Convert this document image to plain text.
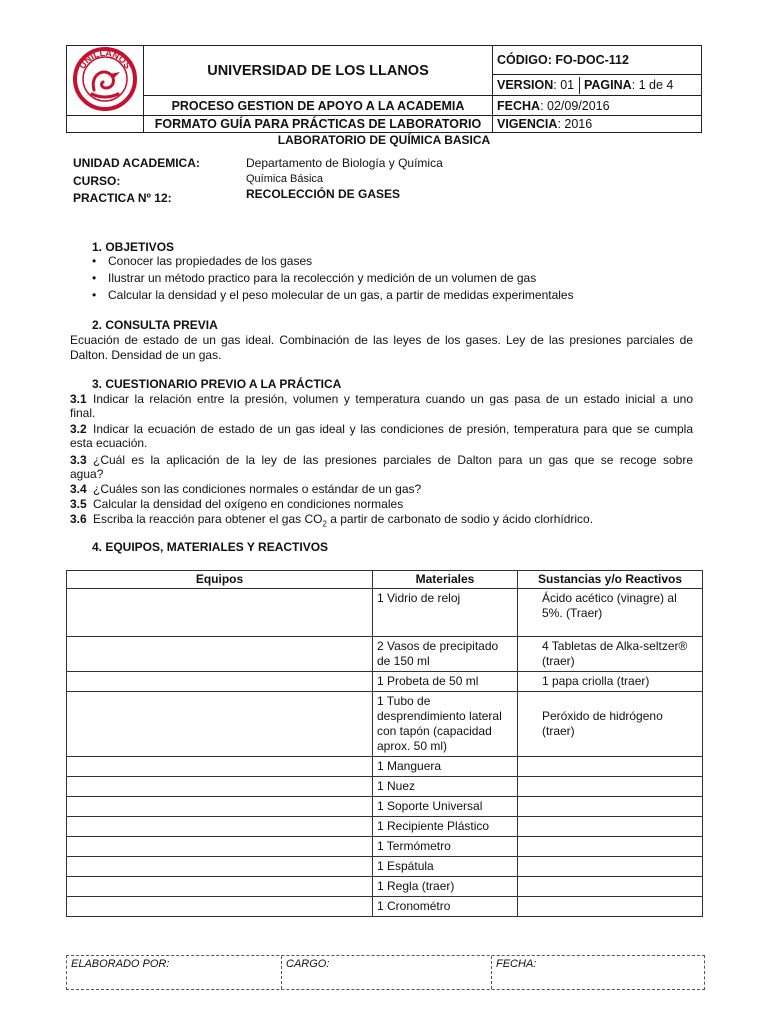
UNILLANOS	UNIVERSIDAD DE LOS LLANOS	CÓDIGO: FO-DOC-112

		VERSION: 01 PAGINA: 1 de 4

	PROCESO GESTION DE APOYO A LA ACADEMIA	FECHA: 02/09/2016
	FORMATO GUÍA PARA PRÁCTICAS DE LABORATORIO	VIGENCIA: 2016
LABORATORIO DE QUÍMICA BASICA
UNIDAD ACADEMICA:	Departamento de Biología y Química
CURSO:	Química Básica
PRACTICA Nº 12:	RECOLECCIÓN DE GASES
1. OBJETIVOS
• Conocer las propiedades de los gases
• Ilustrar un método practico para la recolección y medición de un volumen de gas
• Calcular la densidad y el peso molecular de un gas, a partir de medidas experimentales
2. CONSULTA PREVIA
Ecuación de estado de un gas ideal. Combinación de las leyes de los gases. Ley de las presiones parciales de
Dalton. Densidad de un gas.
3. CUESTIONARIO PREVIO A LA PRÁCTICA
3.1 Indicar la relación entre la presión, volumen y temperatura cuando un gas pasa de un estado inicial a uno
final.
3.2 Indicar la ecuación de estado de un gas ideal y las condiciones de presión, temperatura para que se cumpla
esta ecuación.
3.3 ¿Cuál es la aplicación de la ley de las presiones parciales de Dalton para un gas que se recoge sobre
agua?
3.4 ¿Cuáles son las condiciones normales o estándar de un gas?
3.5 Calcular la densidad del oxígeno en condiciones normales
3.6 Escriba la reacción para obtener el gas $CO_2$ a partir de carbonato de sodio y ácido clorhídrico.
4. EQUIPOS, MATERIALES Y REACTIVOS
Equipos	Materiales	Sustancias y/o Reactivos
	1 Vidrio de reloj	Ácido acético (vinagre) al 5%. (Traer)
	2 Vasos de precipitado de 150 ml	4 Tabletas de Alka-seltzer® (traer)
	1 Probeta de 50 ml	1 papa criolla (traer)
	1 Tubo de desprendimiento lateral con tapón (capacidad aprox. 50 ml)	Peróxido de hidrógeno (traer)
	1 Manguera	
	1 Nuez	
	1 Soporte Universal	
	1 Recipiente Plástico	
	1 Termómetro	
	1 Espátula	
	1 Regla (traer)	
	1 Cronométro	
ELABORADO POR:	CARGO:	FECHA:
